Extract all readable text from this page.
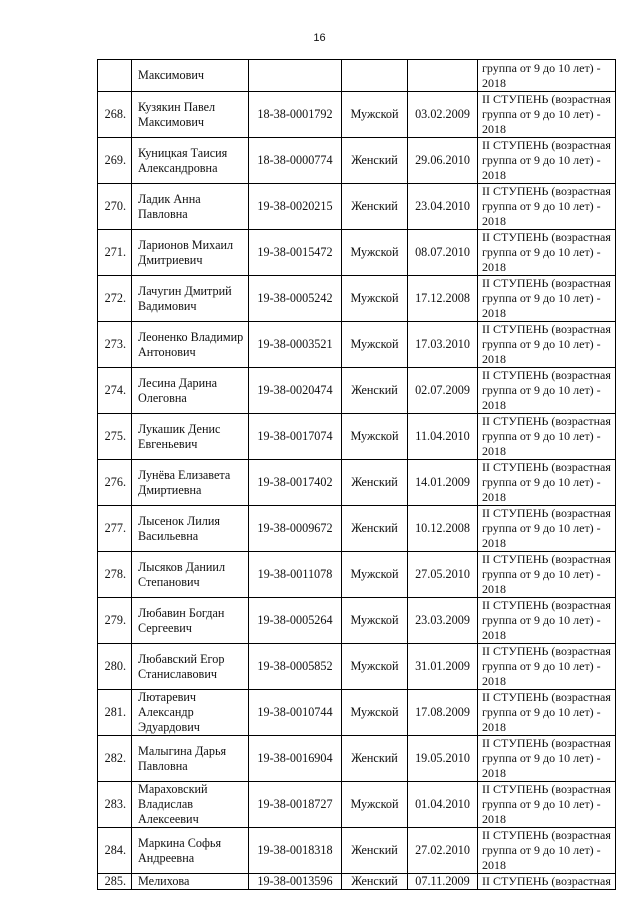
16
	Максимович				группа от 9 до 10 лет) - 2018
268.	Кузякин Павел Максимович	18-38-0001792	Мужской	03.02.2009	II СТУПЕНЬ (возрастная группа от 9 до 10 лет) - 2018
269.	Куницкая Таисия Александровна	18-38-0000774	Женский	29.06.2010	II СТУПЕНЬ (возрастная группа от 9 до 10 лет) - 2018
270.	Ладик Анна Павловна	19-38-0020215	Женский	23.04.2010	II СТУПЕНЬ (возрастная группа от 9 до 10 лет) - 2018
271.	Ларионов Михаил Дмитриевич	19-38-0015472	Мужской	08.07.2010	II СТУПЕНЬ (возрастная группа от 9 до 10 лет) - 2018
272.	Лачугин Дмитрий Вадимович	19-38-0005242	Мужской	17.12.2008	II СТУПЕНЬ (возрастная группа от 9 до 10 лет) - 2018
273.	Леоненко Владимир Антонович	19-38-0003521	Мужской	17.03.2010	II СТУПЕНЬ (возрастная группа от 9 до 10 лет) - 2018
274.	Лесина Дарина Олеговна	19-38-0020474	Женский	02.07.2009	II СТУПЕНЬ (возрастная группа от 9 до 10 лет) - 2018
275.	Лукашик Денис Евгеньевич	19-38-0017074	Мужской	11.04.2010	II СТУПЕНЬ (возрастная группа от 9 до 10 лет) - 2018
276.	Лунёва Елизавета Дмиртиевна	19-38-0017402	Женский	14.01.2009	II СТУПЕНЬ (возрастная группа от 9 до 10 лет) - 2018
277.	Лысенок Лилия Васильевна	19-38-0009672	Женский	10.12.2008	II СТУПЕНЬ (возрастная группа от 9 до 10 лет) - 2018
278.	Лысяков Даниил Степанович	19-38-0011078	Мужской	27.05.2010	II СТУПЕНЬ (возрастная группа от 9 до 10 лет) - 2018
279.	Любавин Богдан Сергеевич	19-38-0005264	Мужской	23.03.2009	II СТУПЕНЬ (возрастная группа от 9 до 10 лет) - 2018
280.	Любавский Егор Станиславович	19-38-0005852	Мужской	31.01.2009	II СТУПЕНЬ (возрастная группа от 9 до 10 лет) - 2018
281.	Лютаревич Александр Эдуардович	19-38-0010744	Мужской	17.08.2009	II СТУПЕНЬ (возрастная группа от 9 до 10 лет) - 2018
282.	Малыгина Дарья Павловна	19-38-0016904	Женский	19.05.2010	II СТУПЕНЬ (возрастная группа от 9 до 10 лет) - 2018
283.	Мараховский Владислав Алексеевич	19-38-0018727	Мужской	01.04.2010	II СТУПЕНЬ (возрастная группа от 9 до 10 лет) - 2018
284.	Маркина Софья Андреевна	19-38-0018318	Женский	27.02.2010	II СТУПЕНЬ (возрастная группа от 9 до 10 лет) - 2018
285.	Мелихова	19-38-0013596	Женский	07.11.2009	II СТУПЕНЬ (возрастная
